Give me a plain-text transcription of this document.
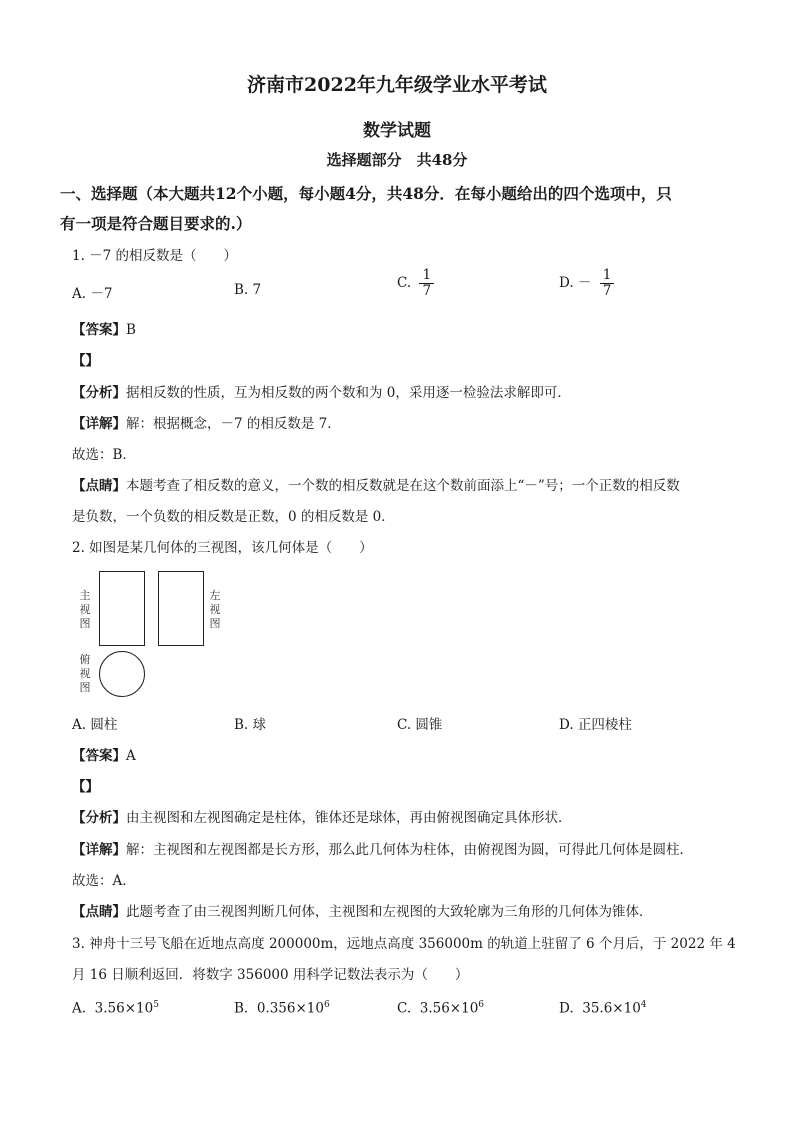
济南市2022年九年级学业水平考试
数学试题
选择题部分　共48分
一、选择题（本大题共12个小题，每小题4分，共48分．在每小题给出的四个选项中，只
有一项是符合题目要求的.）
1. －7 的相反数是（　　）
A. －7	B. 7	C. $\frac{1}{7}$	D. － $\frac{1}{7}$
【答案】B
【】
【分析】据相反数的性质，互为相反数的两个数和为 0，采用逐一检验法求解即可．
【详解】解：根据概念，－7 的相反数是 7．
故选：B．
【点睛】本题考查了相反数的意义，一个数的相反数就是在这个数前面添上“－”号；一个正数的相反数
是负数，一个负数的相反数是正数，0 的相反数是 0．
2. 如图是某几何体的三视图，该几何体是（　　）
主
视
图
左
视
图
俯
视
图
A. 圆柱	B. 球	C. 圆锥	D. 正四棱柱
【答案】A
【】
【分析】由主视图和左视图确定是柱体，锥体还是球体，再由俯视图确定具体形状．
【详解】解：主视图和左视图都是长方形，那么此几何体为柱体，由俯视图为圆，可得此几何体是圆柱．
故选：A．
【点睛】此题考查了由三视图判断几何体，主视图和左视图的大致轮廓为三角形的几何体为锥体．
3. 神舟十三号飞船在近地点高度 200000m，远地点高度 356000m 的轨道上驻留了 6 个月后，于 2022 年 4
月 16 日顺利返回．将数字 356000 用科学记数法表示为（　　）
A. $3.56\times 10^5$	B. $0.356\times 10^6$	C. $3.56\times 10^6$	D. $35.6\times 10^4$
